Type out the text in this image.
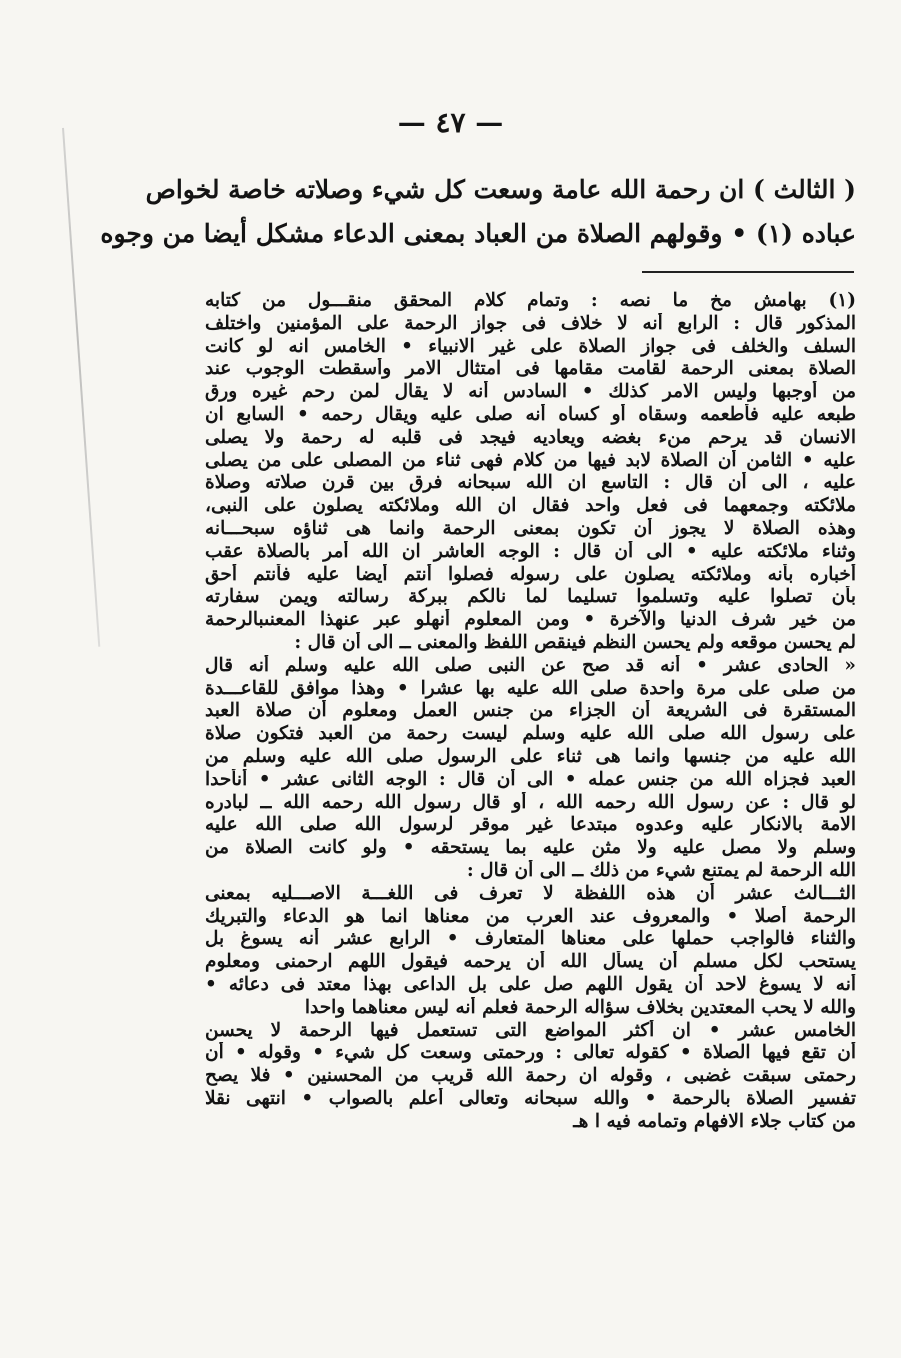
— ٤٧ —
( الثالث ) ان رحمة الله عامة وسعت كل شيء وصلاته خاصة لخواص
عباده (١) • وقولهم الصلاة من العباد بمعنى الدعاء مشكل أيضا من وجوه
(١) بهامش مخ ما نصه : وتمام كلام المحقق منقـــول من كتابه
المذكور قال : الرابع أنه لا خلاف فى جواز الرحمة على المؤمنين واختلف
السلف والخلف فى جواز الصلاة على غير الانبياء • الخامس انه لو كانت
الصلاة بمعنى الرحمة لقامت مقامها فى امتثال الامر وأسقطت الوجوب عند
من أوجبها وليس الامر كذلك • السادس أنه لا يقال لمن رحم غيره ورق
طبعه عليه فأطعمه وسقاه أو كساه أنه صلى عليه ويقال رحمه • السابع ان
الانسان قد يرحم منء بغضه ويعاديه فيجد فى قلبه له رحمة ولا يصلى
عليه • الثامن أن الصلاة لابد فيها من كلام فهى ثناء من المصلى على من يصلى
عليه ، الى أن قال : التاسع ان الله سبحانه فرق بين قرن صلاته وصلاة
ملائكته وجمعهما فى فعل واحد فقال ان الله وملائكته يصلون على النبى،
وهذه الصلاة لا يجوز أن تكون بمعنى الرحمة وانما هى ثناؤه سبحـــانه
وثناء ملائكته عليه • الى أن قال : الوجه العاشر ان الله أمر بالصلاة عقب
أخباره بأنه وملائكته يصلون على رسوله فصلوا أنتم أيضا عليه فأنتم أحق
بأن تصلوا عليه وتسلموا تسليما لما نالكم ببركة رسالته ويمن سفارته
من خير شرف الدنيا والآخرة • ومن المعلوم أنهلو عبر عنهذا المعنىبالرحمة
لم يحسن موقعه ولم يحسن النظم فينقص اللفظ والمعنى ــ الى أن قال :
« الحادى عشر • أنه قد صح عن النبى صلى الله عليه وسلم أنه قال
من صلى على مرة واحدة صلى الله عليه بها عشرا • وهذا موافق للقاعـــدة
المستقرة فى الشريعة أن الجزاء من جنس العمل ومعلوم أن صلاة العبد
على رسول الله صلى الله عليه وسلم ليست رحمة من العبد فتكون صلاة
الله عليه من جنسها وانما هى ثناء على الرسول صلى الله عليه وسلم من
العبد فجزاه الله من جنس عمله • الى أن قال : الوجه الثانى عشر • أنأحدا
لو قال : عن رسول الله رحمه الله ، أو قال رسول الله رحمه الله ــ لبادره
الامة بالانكار عليه وعدوه مبتدعا غير موقر لرسول الله صلى الله عليه
وسلم ولا مصل عليه ولا مثن عليه بما يستحقه • ولو كانت الصلاة من
الله الرحمة لم يمتنع شيء من ذلك ــ الى أن قال :
الثـــالث عشر أن هذه اللفظة لا تعرف فى اللغـــة الاصـــليه بمعنى
الرحمة أصلا • والمعروف عند العرب من معناها انما هو الدعاء والتبريك
والثناء فالواجب حملها على معناها المتعارف • الرابع عشر أنه يسوغ بل
يستحب لكل مسلم أن يسأل الله أن يرحمه فيقول اللهم ارحمنى ومعلوم
أنه لا يسوغ لاحد أن يقول اللهم صل على بل الداعى بهذا معتد فى دعائه •
والله لا يحب المعتدين بخلاف سؤاله الرحمة فعلم أنه ليس معناهما واحدا
الخامس عشر • ان أكثر المواضع التى تستعمل فيها الرحمة لا يحسن
أن تقع فيها الصلاة • كقوله تعالى : ورحمتى وسعت كل شيء • وقوله • أن
رحمتى سبقت غضبى ، وقوله ان رحمة الله قريب من المحسنين • فلا يصح
تفسير الصلاة بالرحمة • والله سبحانه وتعالى أعلم بالصواب • انتهى نقلا
من كتاب جلاء الافهام وتمامه فيه ا هـ
